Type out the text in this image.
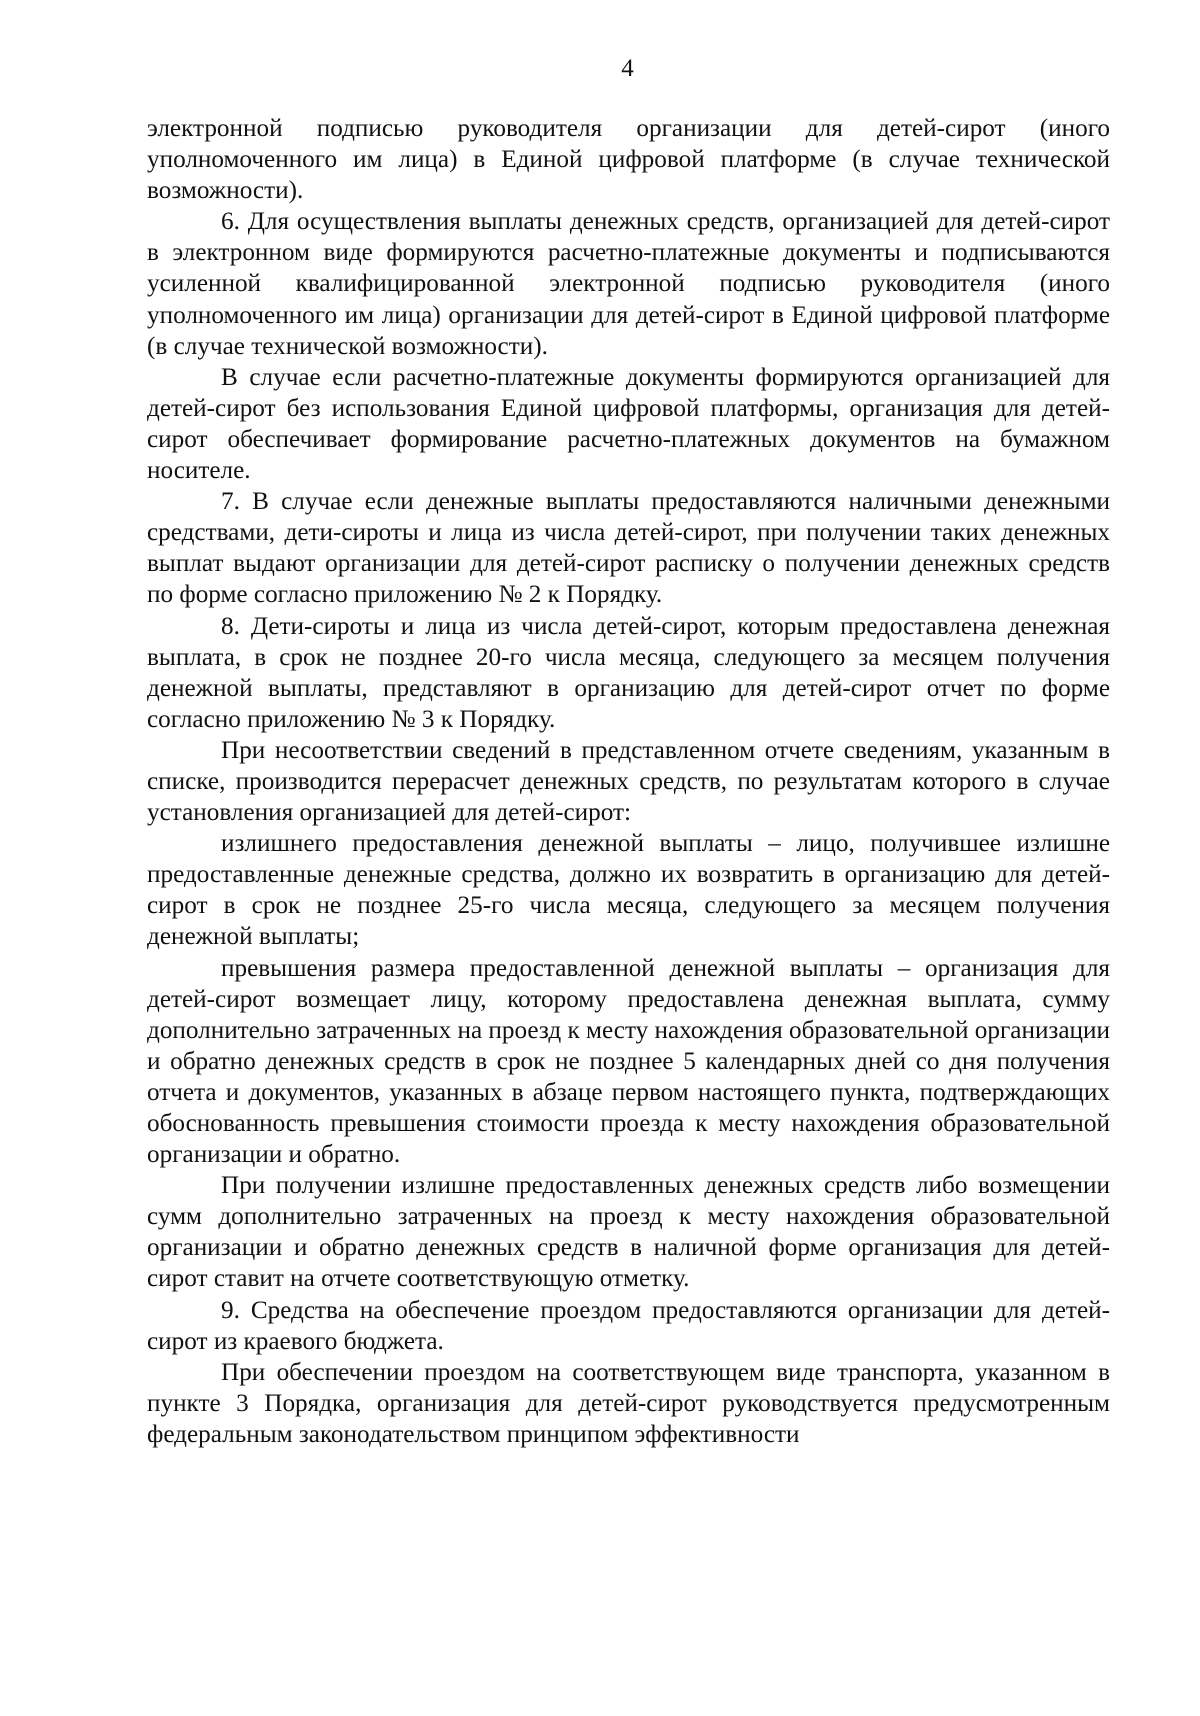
4

электронной подписью руководителя организации для детей-сирот (иного уполномоченного им лица) в Единой цифровой платформе (в случае технической возможности).

6. Для осуществления выплаты денежных средств, организацией для детей-сирот в электронном виде формируются расчетно-платежные документы и подписываются усиленной квалифицированной электронной подписью руководителя (иного уполномоченного им лица) организации для детей-сирот в Единой цифровой платформе (в случае технической возможности).

В случае если расчетно-платежные документы формируются организацией для детей-сирот без использования Единой цифровой платформы, организация для детей-сирот обеспечивает формирование расчетно-платежных документов на бумажном носителе.

7. В случае если денежные выплаты предоставляются наличными денежными средствами, дети-сироты и лица из числа детей-сирот, при получении таких денежных выплат выдают организации для детей-сирот расписку о получении денежных средств по форме согласно приложению № 2 к Порядку.

8. Дети-сироты и лица из числа детей-сирот, которым предоставлена денежная выплата, в срок не позднее 20-го числа месяца, следующего за месяцем получения денежной выплаты, представляют в организацию для детей-сирот отчет по форме согласно приложению № 3 к Порядку.

При несоответствии сведений в представленном отчете сведениям, указанным в списке, производится перерасчет денежных средств, по результатам которого в случае установления организацией для детей-сирот:

излишнего предоставления денежной выплаты – лицо, получившее излишне предоставленные денежные средства, должно их возвратить в организацию для детей-сирот в срок не позднее 25-го числа месяца, следующего за месяцем получения денежной выплаты;

превышения размера предоставленной денежной выплаты – организация для детей-сирот возмещает лицу, которому предоставлена денежная выплата, сумму дополнительно затраченных на проезд к месту нахождения образовательной организации и обратно денежных средств в срок не позднее 5 календарных дней со дня получения отчета и документов, указанных в абзаце первом настоящего пункта, подтверждающих обоснованность превышения стоимости проезда к месту нахождения образовательной организации и обратно.

При получении излишне предоставленных денежных средств либо возмещении сумм дополнительно затраченных на проезд к месту нахождения образовательной организации и обратно денежных средств в наличной форме организация для детей-сирот ставит на отчете соответствующую отметку.

9. Средства на обеспечение проездом предоставляются организации для детей-сирот из краевого бюджета.

При обеспечении проездом на соответствующем виде транспорта, указанном в пункте 3 Порядка, организация для детей-сирот руководствуется предусмотренным федеральным законодательством принципом эффективности
